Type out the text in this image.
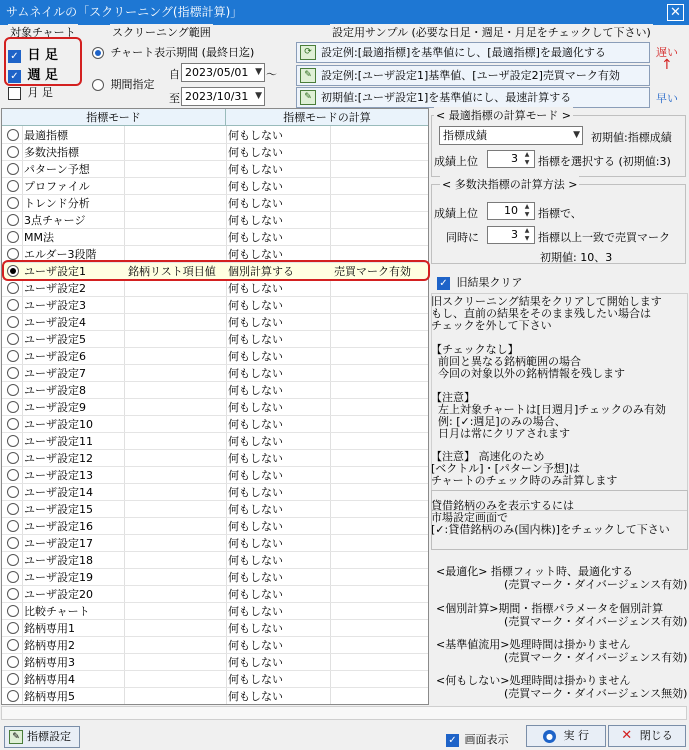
サムネイルの「スクリーニング(指標計算)」	✕
対象チャート
✓ 日 足
✓ 週 足
月 足
スクリーニング範囲
チャート表示期間 (最終日迄)
期間指定
自 2023/05/01 ▼ 〜
至 2023/10/31 ▼
設定用サンプル (必要な日足・週足・月足をチェックして下さい)
⟳ 設定例:[最適指標]を基準値にし、[最適指標]を最適化する
✎ 設定例:[ユーザ設定1]基準値、[ユーザ設定2]売買マーク有効
✎ 初期値:[ユーザ設定1]を基準値にし、最速計算する
遅い
↑
早い
指標モード	指標モードの計算
最適指標	何もしない
多数決指標	何もしない
パターン予想	何もしない
プロファイル	何もしない
トレンド分析	何もしない
3点チャージ	何もしない
MM法	何もしない
エルダー3段階	何もしない
ユーザ設定1	銘柄リスト項目値	個別計算する	売買マーク有効
ユーザ設定2	何もしない
ユーザ設定3	何もしない
ユーザ設定4	何もしない
ユーザ設定5	何もしない
ユーザ設定6	何もしない
ユーザ設定7	何もしない
ユーザ設定8	何もしない
ユーザ設定9	何もしない
ユーザ設定10	何もしない
ユーザ設定11	何もしない
ユーザ設定12	何もしない
ユーザ設定13	何もしない
ユーザ設定14	何もしない
ユーザ設定15	何もしない
ユーザ設定16	何もしない
ユーザ設定17	何もしない
ユーザ設定18	何もしない
ユーザ設定19	何もしない
ユーザ設定20	何もしない
比較チャート	何もしない
銘柄専用1	何もしない
銘柄専用2	何もしない
銘柄専用3	何もしない
銘柄専用4	何もしない
銘柄専用5	何もしない
< 最適指標の計算モード >
指標成績	▼ 初期値:指標成績
成績上位	3	▲
▼ 指標を選択する (初期値:3)
< 多数決指標の計算方法 >
成績上位	10	▲
▼ 指標で、
同時に	3	▲
▼ 指標以上一致で売買マーク
初期値: 10、3
✓ 旧結果クリア
旧スクリーニング結果をクリアして開始します
もし、直前の結果をそのまま残したい場合は
チェックを外して下さい
【チェックなし】
前回と異なる銘柄範囲の場合
今回の対象以外の銘柄情報を残します
【注意】
左上対象チャートは[日週月]チェックのみ有効
例: [✓:週足]のみの場合、
日月は常にクリアされます
【注意】 高速化のため
[ベクトル]・[パターン予想]は
チャートのチェック時のみ計算します
貸借銘柄のみを表示するには
市場設定画面で
[✓:貸借銘柄のみ(国内株)]をチェックして下さい
<最適化> 指標フィット時、最適化する
(売買マーク・ダイバージェンス有効)
<個別計算>期間・指標パラメータを個別計算
(売買マーク・ダイバージェンス有効)
<基準値流用>処理時間は掛かりません
(売買マーク・ダイバージェンス有効)
<何もしない>処理時間は掛かりません
(売買マーク・ダイバージェンス無効)
✎ 指標設定	✓ 画面表示	● 実 行	✕ 閉じる
